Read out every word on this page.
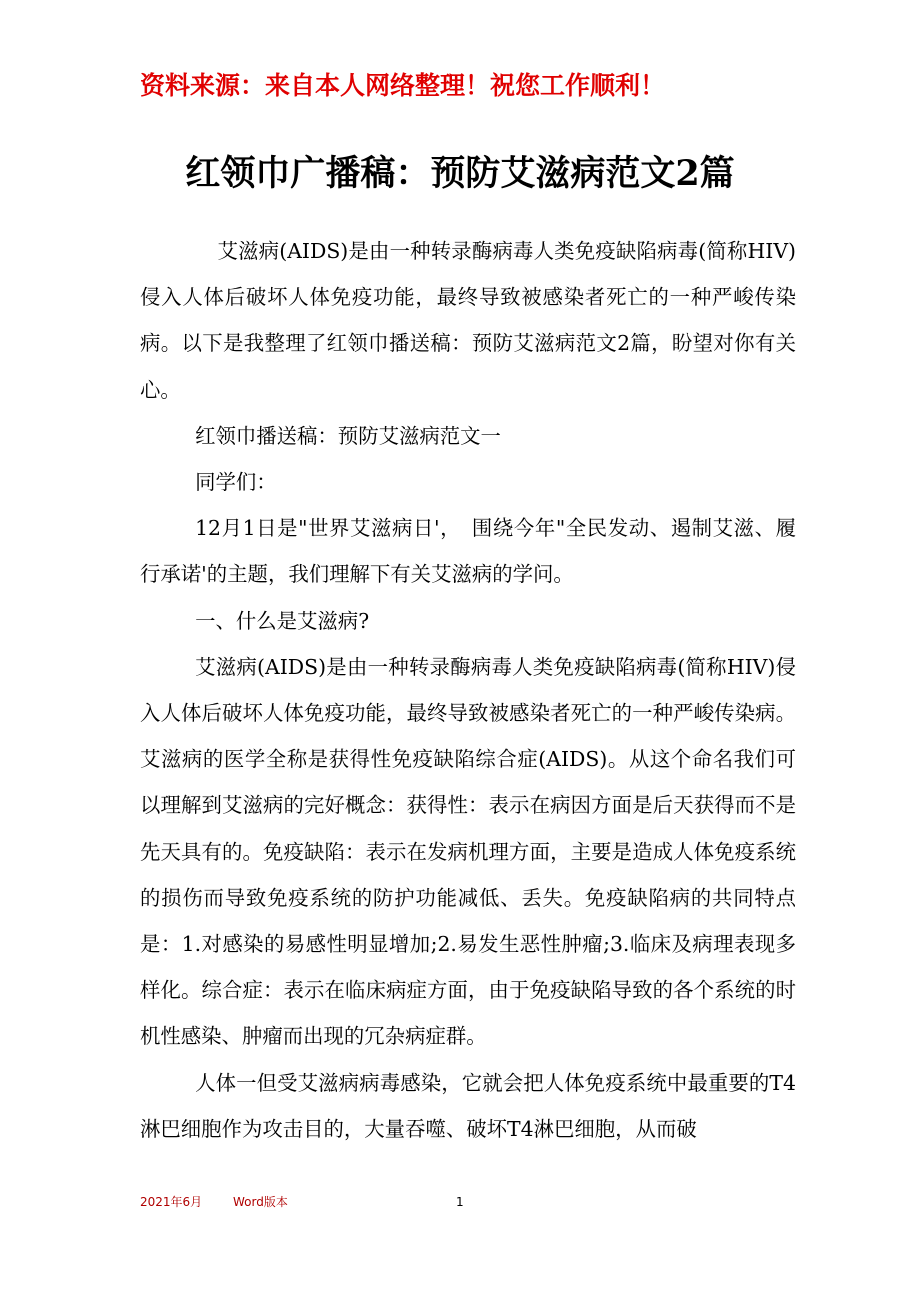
资料来源：来自本人网络整理！祝您工作顺利！
红领巾广播稿：预防艾滋病范文2篇

艾滋病(AIDS)是由一种转录酶病毒人类免疫缺陷病毒(简称HIV)侵入人体后破坏人体免疫功能，最终导致被感染者死亡的一种严峻传染病。以下是我整理了红领巾播送稿：预防艾滋病范文2篇，盼望对你有关心。

红领巾播送稿：预防艾滋病范文一

同学们：

12月1日是"世界艾滋病日'，　围绕今年"全民发动、遏制艾滋、履行承诺'的主题，我们理解下有关艾滋病的学问。

一、什么是艾滋病?

艾滋病(AIDS)是由一种转录酶病毒人类免疫缺陷病毒(简称HIV)侵入人体后破坏人体免疫功能，最终导致被感染者死亡的一种严峻传染病。艾滋病的医学全称是获得性免疫缺陷综合症(AIDS)。从这个命名我们可以理解到艾滋病的完好概念：获得性：表示在病因方面是后天获得而不是先天具有的。免疫缺陷：表示在发病机理方面，主要是造成人体免疫系统的损伤而导致免疫系统的防护功能减低、丢失。免疫缺陷病的共同特点是：1.对感染的易感性明显增加;2.易发生恶性肿瘤;3.临床及病理表现多样化。综合症：表示在临床病症方面，由于免疫缺陷导致的各个系统的时机性感染、肿瘤而出现的冗杂病症群。

人体一但受艾滋病病毒感染，它就会把人体免疫系统中最重要的T4淋巴细胞作为攻击目的，大量吞噬、破坏T4淋巴细胞，从而破

2021年6月	Word版本	1
